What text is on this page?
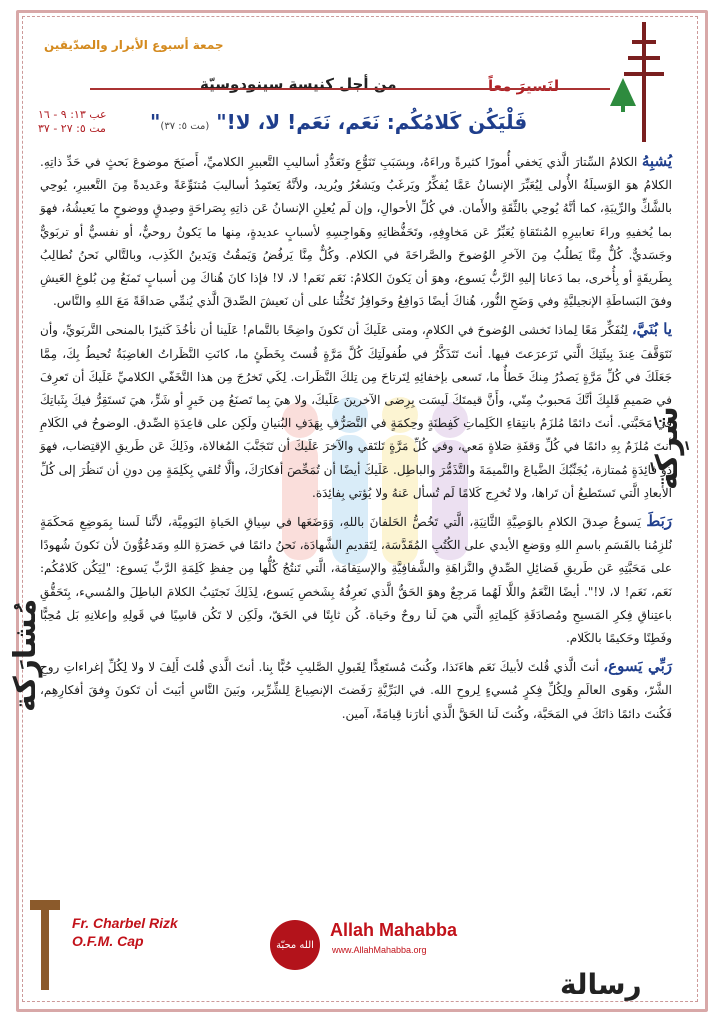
جمعة أسبوع الأبرار والصدّيقين
لنَسيرَ معاً
من أجل كنيسة سينودوسيّة
عب ١٣: ٩ - ١٦
مت ٥: ٢٧ - ٣٧ "فَلْيَكُن كَلامُكُم: نَعَم، نَعَم! لا، لا!" (مت ٥: ٣٧)
شَرِكَة
مُشارَكة
رسالة

يُشبِهُ الكلامُ السِّتارَ الَّذي يَخفي أُمورًا كثيرةً وراءَهُ، وبِسَبَبِ تَنَوُّعِ وتَعَدُّدِ أساليبِ التَّعبيرِ الكلاميِّ، أَصبَحَ موضوعَ بَحثٍ في حَدِّ ذاتِهِ. الكلامُ هوَ الوَسيلَةُ الأُولى لِيُعَبِّرَ الإنسانُ عَمَّا يُفكِّرُ ويَرغَبُ ويَشعُرُ ويُريد، ولأنَّهُ يَعتَمِدُ أساليبَ مُتنَوِّعَةً وعَديدةً مِنَ التَّعبيرِ، يُوحِي بالشَّكِّ والرِّيبَةِ، كما أنَّهُ يُوحِي بالثِّقَةِ والأَمان. في كُلِّ الأحوالِ، وإن لَم يُعلِنِ الإنسانُ عَن ذاتِهِ بِصَراحَةٍ وصِدقٍ ووضوحٍ ما يَعيشُهُ، فهوَ بما يُخفيهِ وراءَ تعابيرِهِ المُنتَقاةِ يُعَبِّرُ عَن مَخاوِفِهِ، وتَحَفُّظاتِهِ وهَواجِسِهِ لأسبابٍ عديدةٍ، مِنها ما يَكونُ روحيٌّ، أو نفسيٌّ أو تربَويٌّ وجَسَديٌّ. كُلٌّ مِنَّا يَطلُبُ مِنَ الآخرِ الوُضوحَ والصَّراحَةَ في الكلام. وكُلٌّ مِنَّا يَرفُضُ وَيَمقُتُ وَيَدينُ الكَذِب، وبالتَّالي نَحنُ نُطالِبُ بِطَريقَةٍ أو بِأُخرى، بما دَعانا إليهِ الرَّبُّ يَسوع، وهوَ أن يَكونَ الكلامُ: نَعَم نَعَم! لا، لا! فإذا كانَ هُناكَ مِن أسبابٍ تَمنَعُ مِن بُلوغِ العَيشِ وفقَ البَساطَةِ الإنجيليَّةِ وفي وَضَحِ النُّور، هُناكَ أيضًا دَوافِعُ وحَوافِزُ تَحُثُّنا على أن نَعيشَ الصِّدقَ الَّذي يُنمِّي صَداقَةً مَعَ اللهِ والنَّاس.

يا بُنَيَّ، لِنُفَكِّر مَعًا لِماذا تَخشى الوُضوحَ في الكلامِ، ومتى عَلَيكَ أن تَكونَ واضِحًا بالتَّمام! عَلَينا أن نأخُذَ كَثيرًا بالمنحى التَّربَويِّ، وأن نَتَوَقَّفَ عِندَ بِيئَتِكَ الَّتي تَرَعرَعتَ فيها. أنتَ تَتَذَكَّرُ في طُفولَتِكَ كُلَّ مَرَّةٍ قُستَ بِخَطَئٍ ما، كانَتِ النَّظَراتُ الغاضِبَةُ تُحيطُ بِكَ، مِمَّا جَعَلَكَ في كُلِّ مَرَّةٍ يَصدُرُ مِنكَ خَطأٌ ما، تَسعى بإخفائِهِ لِتَرتاحَ مِن تِلكَ النَّظَرات. لِكَي تَخرُجَ مِن هذا التَّخَفّي الكلاميِّ عَلَيكَ أن تَعرِفَ في صَميمِ قَلبِكَ أنَّكَ مَحبوبٌ مِنّي، وأَنَّ قيمتَكَ لَيسَت بِرِضى الآخرينَ عَلَيكَ، ولا هيَ بِما تَصنَعُ مِن خَيرٍ أو شَرٍّ، هيَ تَستَقِرُّ فيكَ بِثَباتِكَ في مَحَبَّتي. أنتَ دائمًا مُلزَمٌ بانتِقاءِ الكَلِماتِ كَفِطنَةٍ وحِكمَةٍ في التَّصَرُّفِ بِهَدَفِ البُنيانِ ولَكِن على قاعِدَةِ الصِّدق. الوضوحُ في الكَلامِ أنتَ مُلزَمٌ بِهِ دائمًا في كُلِّ وَقفَةِ صَلاةٍ مَعي، وفي كُلِّ مَرَّةٍ تَلتَقي والآخرَ عَلَيكَ أن تَتَجَنَّبَ المُغالاة، وذَلِكَ عَن طَريقِ الإقتِضاب، فهوَ ذو فائِدَةٍ مُمتازة، يُجَنِّبُكَ الضَّياعَ والنَّميمَةَ والتَّذَمُّرَ والباطِل. عَلَيكَ أيضًا أن تُمَحِّصَ أفكارَكَ، وألَّا تُلقي بِكَلِمَةٍ مِن دونِ أن تَنظُرَ إلى كُلِّ الأبعادِ الَّتي تَستَطيعُ أن تَراها، ولا تُخرِج كَلامًا لَم تُسأل عَنهُ ولا يُؤتي بِفائِدَة.

رَبَطَ يَسوعُ صِدقَ الكلامِ بالوَصِيَّةِ الثَّانِيَةِ، الَّتي تَخُصُّ الحَلفانَ باللهِ، وَوَضَعَها في سِياقِ الحَياةِ اليَومِيَّة، لأنَّنا لَسنا بِمَوضِعِ مَحكَمَةٍ نُلزِمُنا بالقَسَمِ باسمِ اللهِ ووَضعِ الأيدي على الكُتُبِ المُقَدَّسَة، لِتَقديمِ الشَّهادَة، نَحنُ دائمًا في حَضرَةِ اللهِ ومَدعُوُّونَ لأن نَكونَ شُهودًا على مَحَبَّتِهِ عَن طَريقِ فَضائِلِ الصِّدقِ والنَّزاهَةِ والشَّفافِيَّةِ والإستِقامَة، الَّتي تَنتُجُ كُلُّها مِن حِفظِ كَلِمَةِ الرَّبِّ يَسوع: "لِيَكُن كَلامُكُم: نَعَم، نَعَم! لا، لا!". أيضًا النَّعَمُ واللَّا لَهُما مَرجِعٌ وهوَ الحَقُّ الَّذي نَعرِفُهُ بِشَخصِ يَسوع، لِذَلِكَ نَجتَنِبُ الكلامَ الباطِلَ والمُسيء، بِتَحَقُّقِ باعتِناقِ فِكرِ المَسيحِ ومُصادَقَةِ كَلِماتِهِ الَّتي هيَ لَنا روحٌ وحَياة. كُن ثابِتًا في الحَقّ، ولَكِن لا تَكُن قاسِيًا في قَولِهِ وإعلانِهِ بَل مُحِبًّا وفَطِنًا وحَكيمًا بالكَلام.

رَبِّي يَسوع، أنتَ الَّذي قُلتَ لأبيكَ نَعَم هاءَنَذا، وكُنتَ مُستَعِدًّا لِقَبولِ الصَّليبِ حُبًّا بِنا. أنتَ الَّذي قُلتَ أَلِفَ لا ولا لِكُلِّ إغراءاتِ روحِ الشَّرّ، وهَوى العالَمِ ولِكُلِّ فِكرٍ مُسيءٍ لِروحِ الله. في البَرِّيَّةِ رَفَضتَ الإنصِياعَ لِلشِّرِّير، وبَينَ النَّاسِ أبَيتَ أن تَكونَ وِفقَ أفكارِهِم، فَكُنتَ دائمًا ذاتَكَ في المَحَبَّة، وكُنتَ لَنا الحَقَّ الَّذي أنارَنا قِيامَةً، آمين.

Fr. Charbel Rizk
O.F.M. Cap	الله محبّة
Allah Mahabba
www.AllahMahabba.org
